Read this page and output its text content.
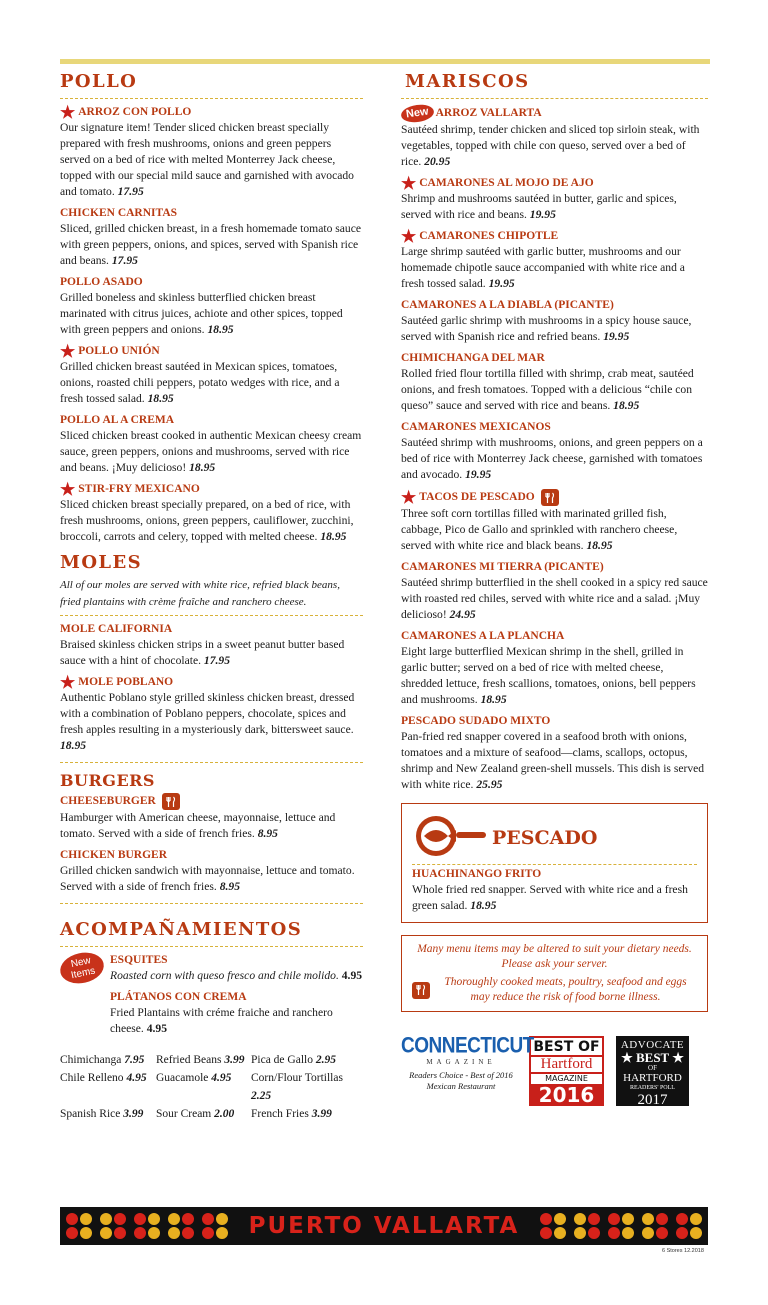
POLLO
★ ARROZ CON POLLO
Our signature item! Tender sliced chicken breast specially prepared with fresh mushrooms, onions and green peppers served on a bed of rice with melted Monterrey Jack cheese, topped with our special mild sauce and garnished with avocado and tomato. 17.95
CHICKEN CARNITAS
Sliced, grilled chicken breast, in a fresh homemade tomato sauce with green peppers, onions, and spices, served with Spanish rice and beans. 17.95
POLLO ASADO
Grilled boneless and skinless butterflied chicken breast marinated with citrus juices, achiote and other spices, topped with green peppers and onions. 18.95
★ POLLO UNIÓN
Grilled chicken breast sautéed in Mexican spices, tomatoes, onions, roasted chili peppers, potato wedges with rice, and a fresh tossed salad. 18.95
POLLO AL A CREMA
Sliced chicken breast cooked in authentic Mexican cheesy cream sauce, green peppers, onions and mushrooms, served with rice and beans. ¡Muy delicioso! 18.95
★ STIR-FRY MEXICANO
Sliced chicken breast specially prepared, on a bed of rice, with fresh mushrooms, onions, green peppers, cauliflower, zucchini, broccoli, carrots and celery, topped with melted cheese. 18.95
MOLES
All of our moles are served with white rice, refried black beans, fried plantains with crème fraîche and ranchero cheese.
MOLE CALIFORNIA
Braised skinless chicken strips in a sweet peanut butter based sauce with a hint of chocolate. 17.95
★ MOLE POBLANO
Authentic Poblano style grilled skinless chicken breast, dressed with a combination of Poblano peppers, chocolate, spices and fresh apples resulting in a mysteriously dark, bittersweet sauce. 18.95
BURGERS
CHEESEBURGER
Hamburger with American cheese, mayonnaise, lettuce and tomato. Served with a side of french fries. 8.95
CHICKEN BURGER
Grilled chicken sandwich with mayonnaise, lettuce and tomato. Served with a side of french fries. 8.95
ACOMPAÑAMIENTOS
New Items
ESQUITES
Roasted corn with queso fresco and chile molido. 4.95
PLÁTANOS CON CREMA
Fried Plantains with créme fraiche and ranchero cheese. 4.95
Chimichanga 7.95	Refried Beans 3.99 Pica de Gallo 2.95
Chile Relleno 4.95 Guacamole 4.95	Corn/Flour Tortillas 2.25
Spanish Rice 3.99	Sour Cream 2.00	French Fries 3.99
MARISCOS
New ARROZ VALLARTA
Sautéed shrimp, tender chicken and sliced top sirloin steak, with vegetables, topped with chile con queso, served over a bed of rice. 20.95
★ CAMARONES AL MOJO DE AJO
Shrimp and mushrooms sautéed in butter, garlic and spices, served with rice and beans. 19.95
★ CAMARONES CHIPOTLE
Large shrimp sautéed with garlic butter, mushrooms and our homemade chipotle sauce accompanied with white rice and a fresh tossed salad. 19.95
CAMARONES A LA DIABLA (PICANTE)
Sautéed garlic shrimp with mushrooms in a spicy house sauce, served with Spanish rice and refried beans. 19.95
CHIMICHANGA DEL MAR
Rolled fried flour tortilla filled with shrimp, crab meat, sautéed onions, and fresh tomatoes. Topped with a delicious “chile con queso” sauce and served with rice and beans. 18.95
CAMARONES MEXICANOS
Sautéed shrimp with mushrooms, onions, and green peppers on a bed of rice with Monterrey Jack cheese, garnished with tomatoes and avocado. 19.95
★ TACOS DE PESCADO
Three soft corn tortillas filled with marinated grilled fish, cabbage, Pico de Gallo and sprinkled with ranchero cheese, served with white rice and black beans. 18.95
CAMARONES MI TIERRA (PICANTE)
Sautéed shrimp butterflied in the shell cooked in a spicy red sauce with roasted red chiles, served with white rice and a salad. ¡Muy delicioso! 24.95
CAMARONES A LA PLANCHA
Eight large butterflied Mexican shrimp in the shell, grilled in garlic butter; served on a bed of rice with melted cheese, shredded lettuce, fresh scallions, tomatoes, onions, bell peppers and mushrooms. 18.95
PESCADO SUDADO MIXTO
Pan-fried red snapper covered in a seafood broth with onions, tomatoes and a mixture of seafood—clams, scallops, octopus, shrimp and New Zealand green-shell mussels. This dish is served with white rice. 25.95
PESCADO
HUACHINANGO FRITO
Whole fried red snapper. Served with white rice and a fresh green salad. 18.95
Many menu items may be altered to suit your dietary needs. Please ask your server.
Thoroughly cooked meats, poultry, seafood and eggs may reduce the risk of food borne illness.
CONNECTICUT
MAGAZINE
Readers Choice - Best of 2016
Mexican Restaurant
BEST OF
Hartford
MAGAZINE
2016
ADVOCATE
★ BEST ★
OF
HARTFORD
READERS' POLL
2017
PUERTO VALLARTA
6 Stores 12.2018
